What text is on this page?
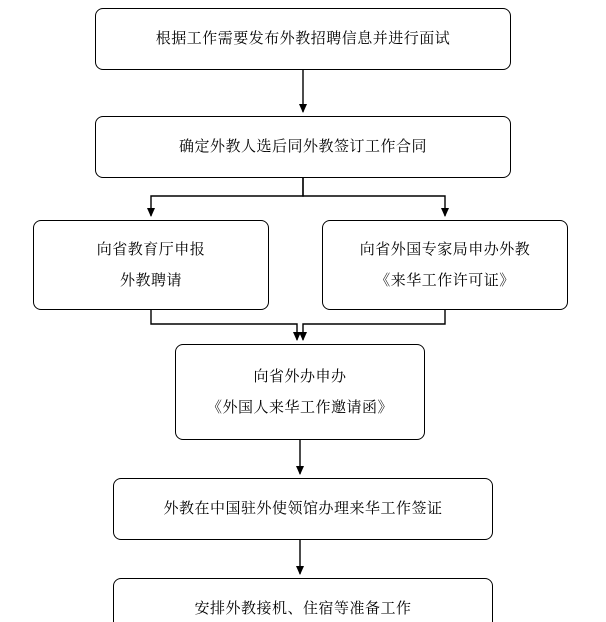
根据工作需要发布外教招聘信息并进行面试
确定外教人选后同外教签订工作合同
向省教育厅申报
外教聘请
向省外国专家局申办外教
《来华工作许可证》
向省外办申办
《外国人来华工作邀请函》
外教在中国驻外使领馆办理来华工作签证
安排外教接机、住宿等准备工作
